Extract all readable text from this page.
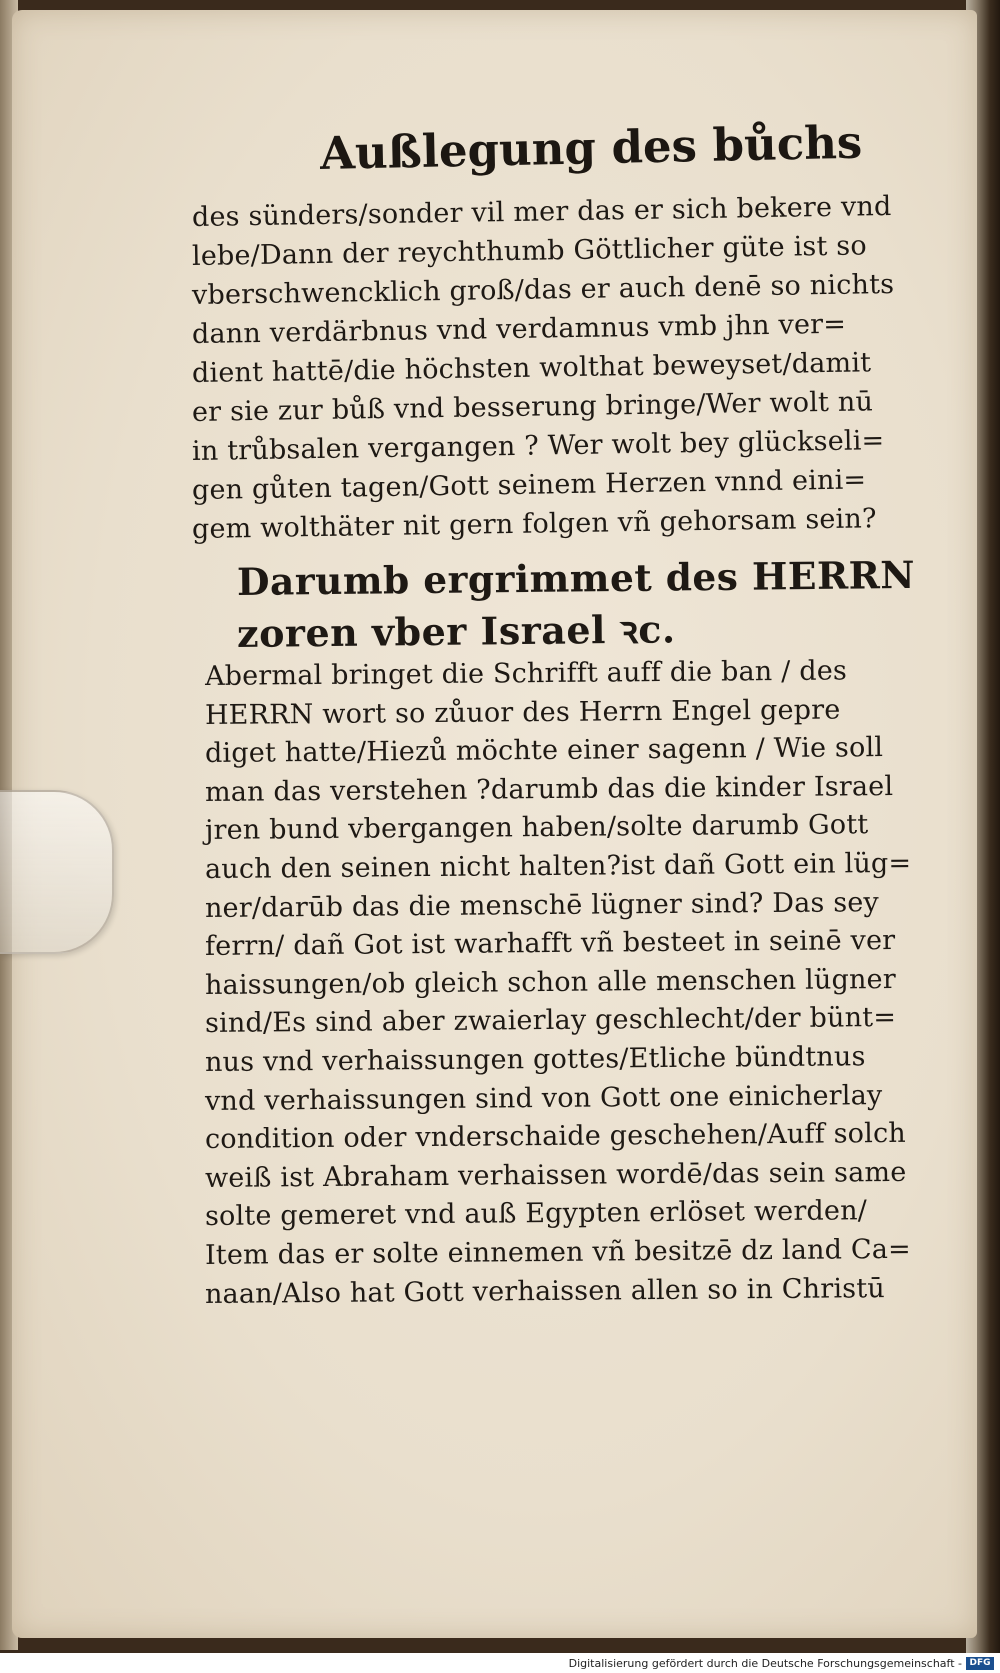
Außlegung des bůchs
des sünders/sonder vil mer das er sich bekere vnd
lebe/Dann der reychthumb Göttlicher güte ist so
vberschwencklich groß/das er auch denē so nichts
dann verdärbnus vnd verdamnus vmb jhn ver=
dient hattē/die höchsten wolthat beweyset/damit
er sie zur bůß vnd besserung bringe/Wer wolt nū
in trůbsalen vergangen ? Wer wolt bey glückseli=
gen gůten tagen/Gott seinem Herzen vnnd eini=
gem wolthäter nit gern folgen vñ gehorsam sein?
Darumb ergrimmet des HERRN
zoren vber Israel ꝛc.
Abermal bringet die Schrifft auff die ban / des
HERRN wort so zůuor des Herrn Engel gepre
diget hatte/Hiezů möchte einer sagenn / Wie soll
man das verstehen ?darumb das die kinder Israel
jren bund vbergangen haben/solte darumb Gott
auch den seinen nicht halten?ist dañ Gott ein lüg=
ner/darūb das die menschē lügner sind? Das sey
ferrn/ dañ Got ist warhafft vñ besteet in seinē ver
haissungen/ob gleich schon alle menschen lügner
sind/Es sind aber zwaierlay geschlecht/der bünt=
nus vnd verhaissungen gottes/Etliche bündtnus
vnd verhaissungen sind von Gott one einicherlay
condition oder vnderschaide geschehen/Auff solch
weiß ist Abraham verhaissen wordē/das sein same
solte gemeret vnd auß Egypten erlöset werden/
Item das er solte einnemen vñ besitzē dz land Ca=
naan/Also hat Gott verhaissen allen so in Christū
Digitalisierung gefördert durch die Deutsche Forschungsgemeinschaft - DFG
